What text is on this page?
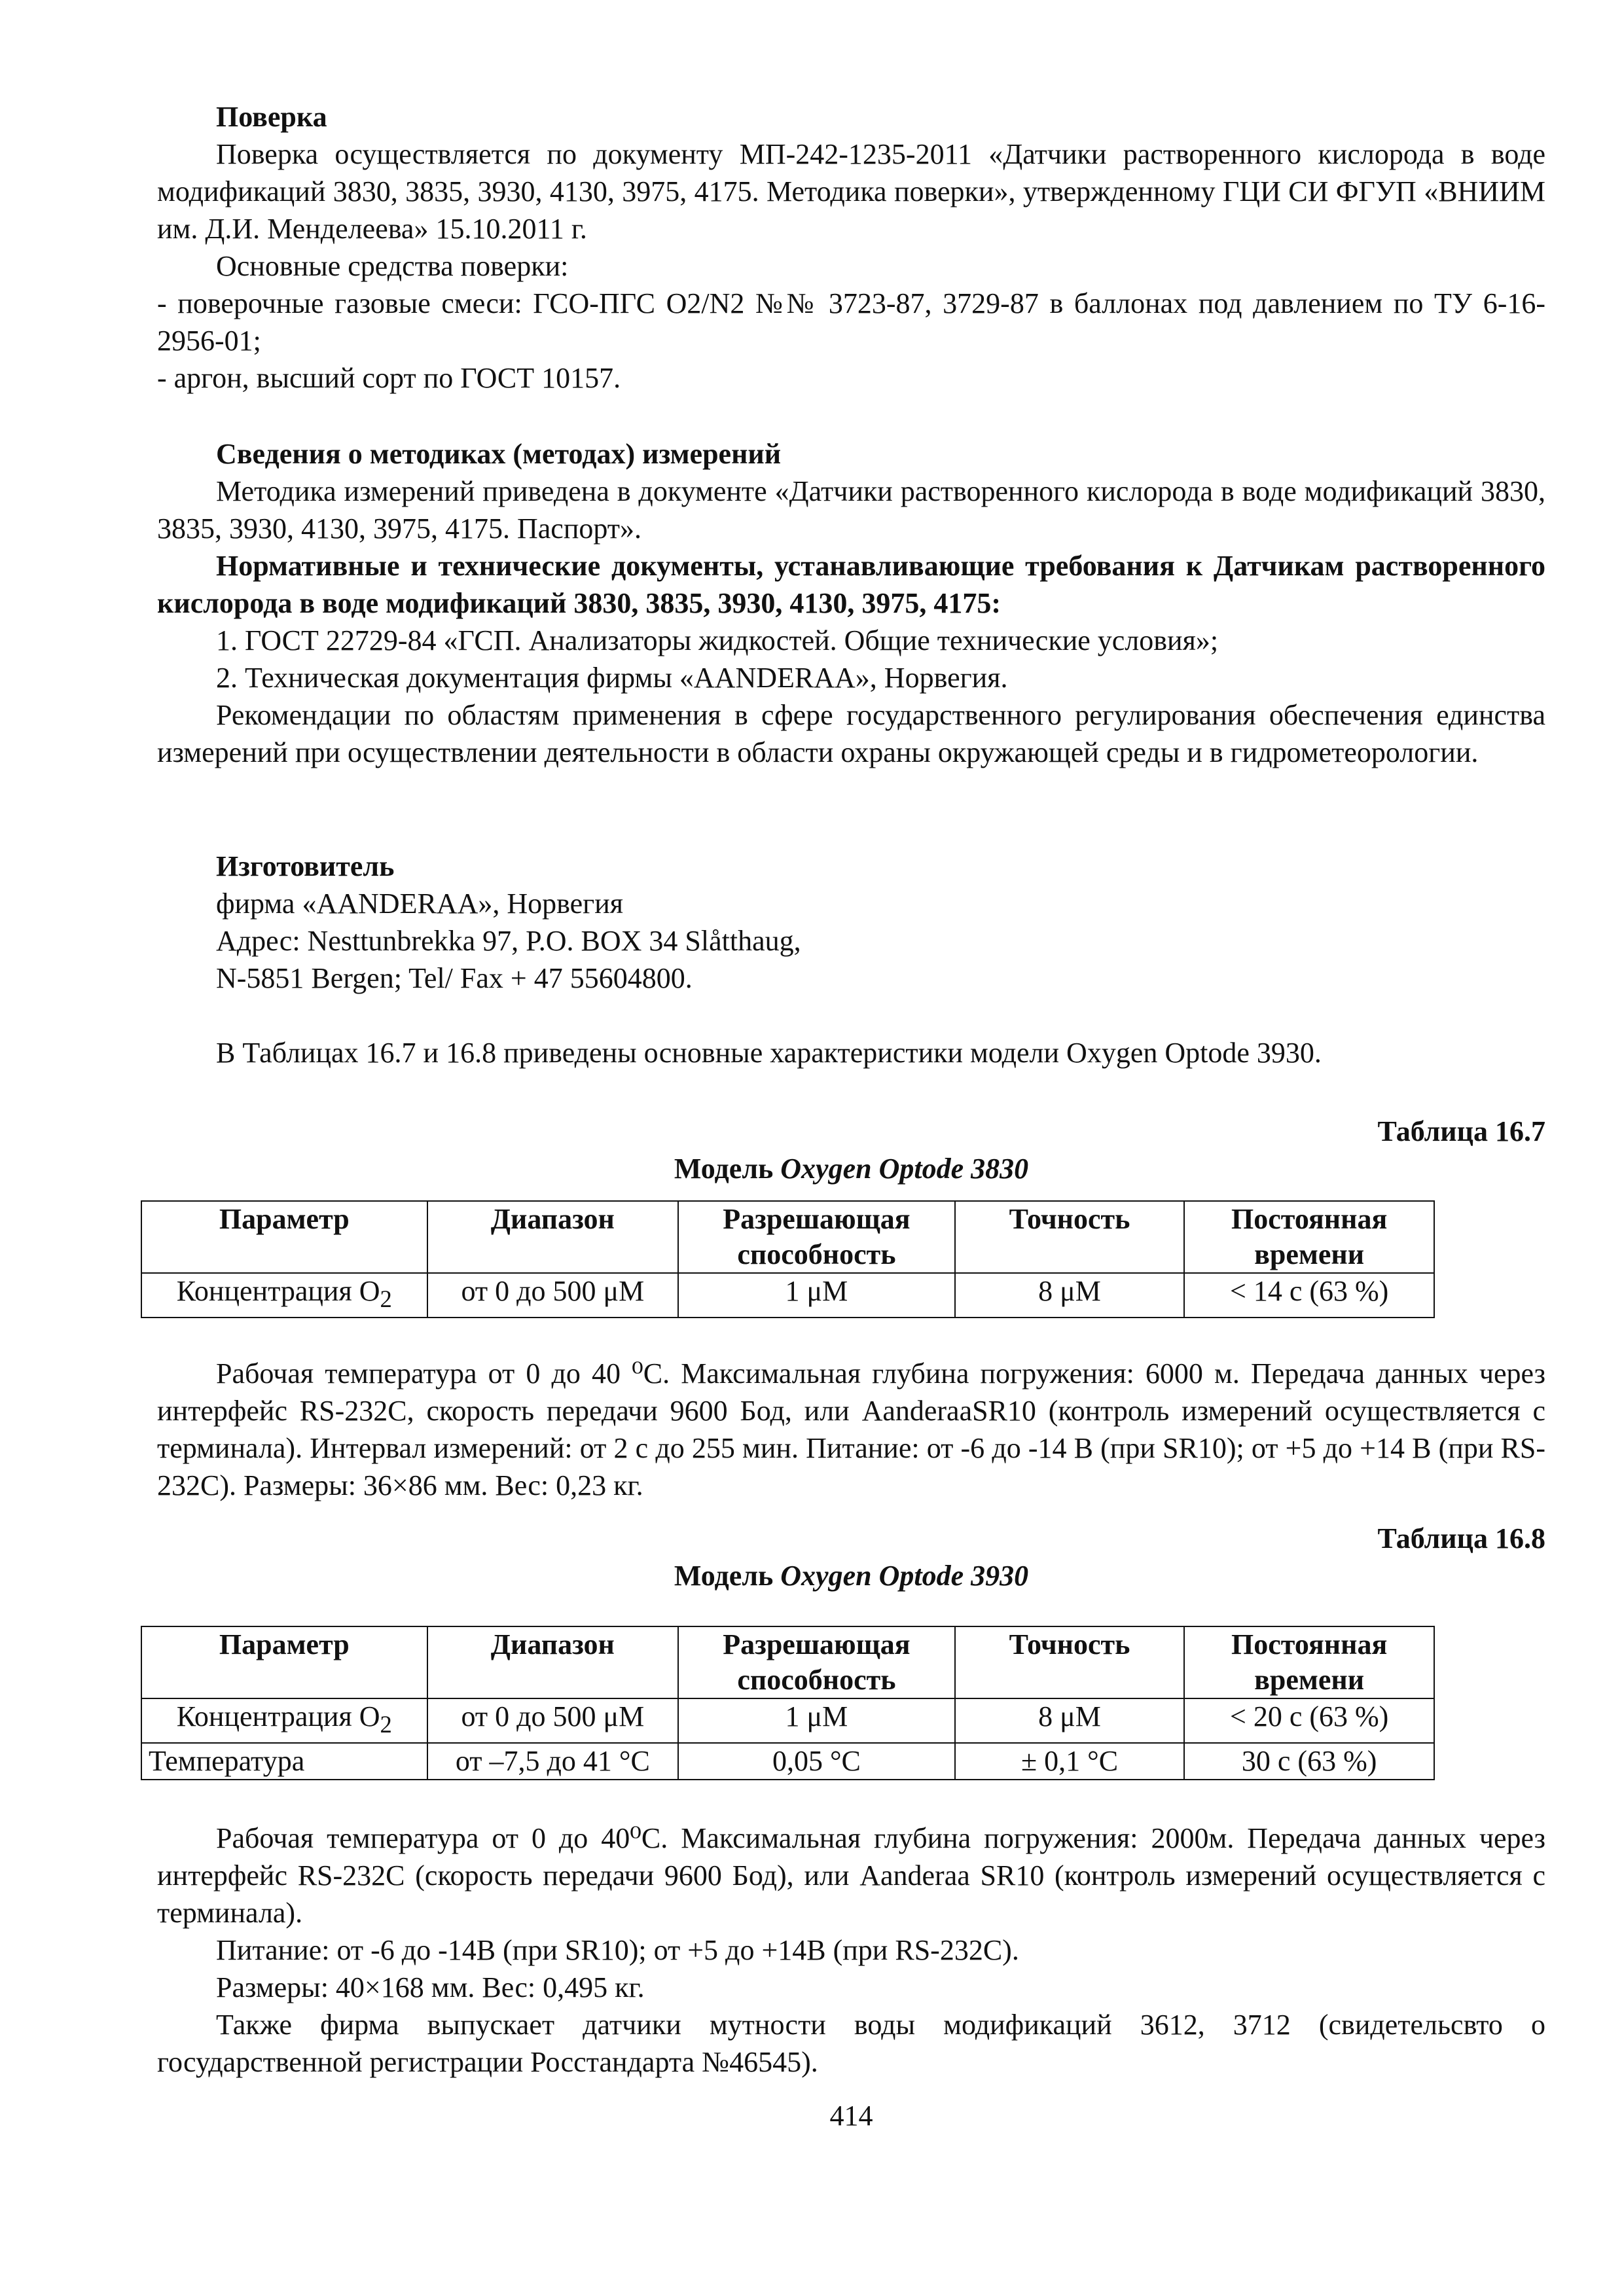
Поверка

Поверка осуществляется по документу МП-242-1235-2011 «Датчики растворенного кислорода в воде модификаций 3830, 3835, 3930, 4130, 3975, 4175. Методика поверки», утвержденному ГЦИ СИ ФГУП «ВНИИМ им. Д.И. Менделеева» 15.10.2011 г.

Основные средства поверки:

- поверочные газовые смеси: ГСО-ПГС О2/N2 №№ 3723-87, 3729-87 в баллонах под давлением по ТУ 6-16-2956-01;

- аргон, высший сорт по ГОСТ 10157.

Сведения о методиках (методах) измерений

Методика измерений приведена в документе «Датчики растворенного кислорода в воде модификаций 3830, 3835, 3930, 4130, 3975, 4175. Паспорт».

Нормативные и технические документы, устанавливающие требования к Датчикам растворенного кислорода в воде модификаций 3830, 3835, 3930, 4130, 3975, 4175:

1. ГОСТ 22729-84 «ГСП. Анализаторы жидкостей. Общие технические условия»;

2. Техническая документация фирмы «AANDERAA», Норвегия.

Рекомендации по областям применения в сфере государственного регулирования обеспечения единства измерений при осуществлении деятельности в области охраны окружающей среды и в гидрометеорологии.

Изготовитель

фирма «AANDERAA», Норвегия

Адрес: Nesttunbrekka 97, P.O. BOX 34 Slåtthaug,

N-5851 Bergen; Tel/ Fax + 47 55604800.

В Таблицах 16.7 и 16.8 приведены основные характеристики модели Oxygen Optode 3930.

Таблица 16.7

Модель Oxygen Optode 3830

Параметр	Диапазон	Разрешающая способность	Точность	Постоянная времени
Концентрация $O_2$	от 0 до 500 μM	1 μM	8 μM	< 14 с (63 %)

Рабочая температура от 0 до 40 ⁰С. Максимальная глубина погружения: 6000 м. Передача данных через интерфейс RS-232C, скорость передачи 9600 Бод, или AanderaaSR10 (контроль измерений осуществляется с терминала). Интервал измерений: от 2 с до 255 мин. Питание: от -6 до -14 В (при SR10); от +5 до +14 В (при RS-232C). Размеры: 36×86 мм. Вес: 0,23 кг.

Таблица 16.8

Модель Oxygen Optode 3930

Параметр	Диапазон	Разрешающая способность	Точность	Постоянная времени
Концентрация $O_2$	от 0 до 500 μM	1 μM	8 μM	< 20 с (63 %)
Температура	от –7,5 до 41 °С	0,05 °С	± 0,1 °С	30 с (63 %)

Рабочая температура от 0 до 40⁰С. Максимальная глубина погружения: 2000м. Передача данных через интерфейс RS-232C (скорость передачи 9600 Бод), или Aanderaa SR10 (контроль измерений осуществляется с терминала).

Питание: от -6 до -14В (при SR10); от +5 до +14В (при RS-232C).

Размеры: 40×168 мм. Вес: 0,495 кг.

Также фирма выпускает датчики мутности воды модификаций 3612, 3712 (свидетельсвто о государственной регистрации Росстандарта №46545).

414
